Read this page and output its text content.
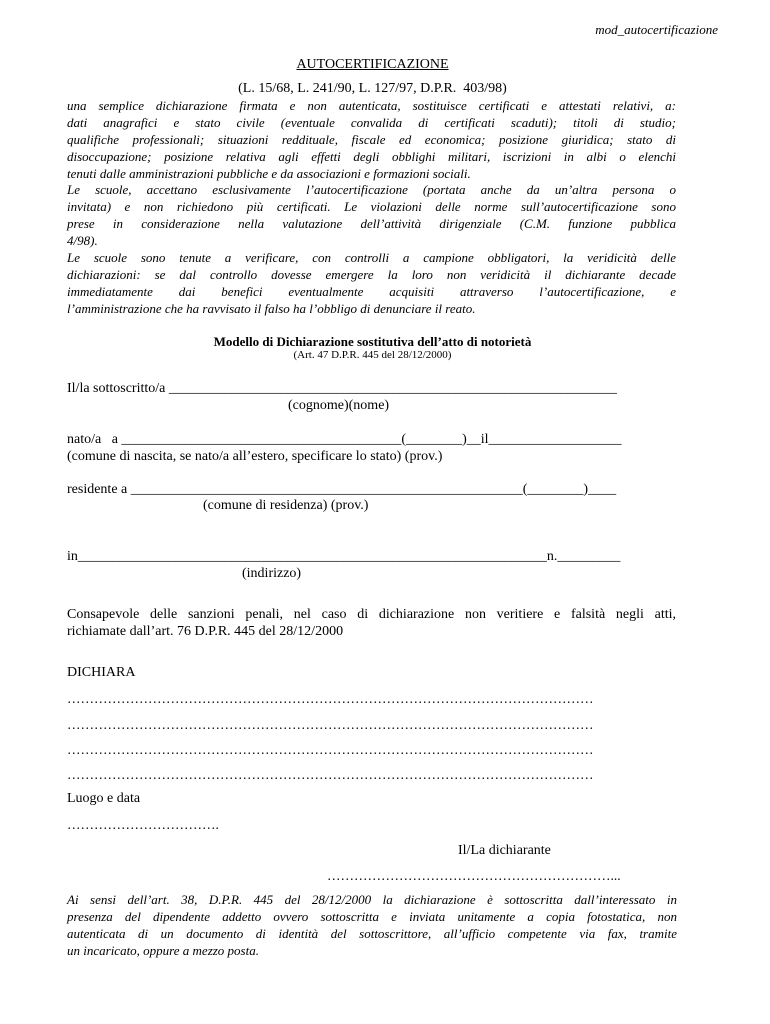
mod_autocertificazione
AUTOCERTIFICAZIONE
(L. 15/68, L. 241/90, L. 127/97, D.P.R.  403/98)
una semplice dichiarazione firmata e non autenticata, sostituisce certificati e attestati relativi, a:
dati anagrafici e stato civile (eventuale convalida di certificati scaduti); titoli di studio;
qualifiche professionali; situazioni reddituale, fiscale ed economica; posizione giuridica; stato di
disoccupazione; posizione relativa agli effetti degli obblighi militari, iscrizioni in albi o elenchi
tenuti dalle amministrazioni pubbliche e da associazioni e formazioni sociali.
Le scuole, accettano esclusivamente l’autocertificazione (portata anche da un’altra persona o
invitata) e non richiedono più certificati. Le violazioni delle norme sull’autocertificazione sono
prese in considerazione nella valutazione dell’attività dirigenziale (C.M. funzione pubblica
4/98).
Le scuole sono tenute a verificare, con controlli a campione obbligatori, la veridicità delle
dichiarazioni: se dal controllo dovesse emergere la loro non veridicità il dichiarante decade
immediatamente dai benefici eventualmente acquisiti attraverso l’autocertificazione, e
l’amministrazione che ha ravvisato il falso ha l’obbligo di denunciare il reato.
Modello di Dichiarazione sostitutiva dell’atto di notorietà
(Art. 47 D.P.R. 445 del 28/12/2000)
Il/la sottoscritto/a ________________________________________________________________
(cognome)(nome)
nato/a   a ________________________________________(________)__il___________________
(comune di nascita, se nato/a all’estero, specificare lo stato) (prov.)
residente a ________________________________________________________(________)____
(comune di residenza) (prov.)
in___________________________________________________________________n._________
(indirizzo)
Consapevole delle sanzioni penali, nel caso di dichiarazione non veritiere e falsità negli atti,
richiamate dall’art. 76 D.P.R. 445 del 28/12/2000
DICHIARA
………………………………………………………………………………………………………
………………………………………………………………………………………………………
………………………………………………………………………………………………………
………………………………………………………………………………………………………
Luogo e data
…………………………….
Il/La dichiarante
………………………………………………………...
Ai sensi dell’art. 38, D.P.R. 445 del 28/12/2000 la dichiarazione è sottoscritta dall’interessato in
presenza del dipendente addetto ovvero sottoscritta e inviata unitamente a copia fotostatica, non
autenticata di un documento di identità del sottoscrittore, all’ufficio competente via fax, tramite
un incaricato, oppure a mezzo posta.
